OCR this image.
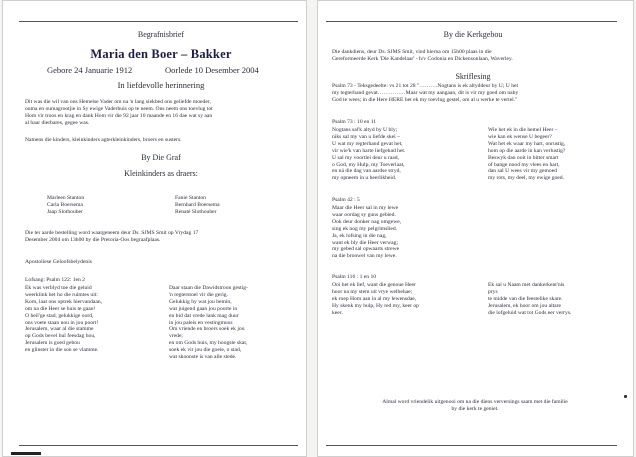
Begrafnisbrief
Maria den Boer – Bakker
Gebore 24 Januarie 1912	Oorlede 10 Desember 2004
In liefdevolle herinnering
Dit was die wil van ons Hemelse Vader om na 'n lang siekbed ons geliefde moeder,
ouma en oumagrootjie in Sy ewige Vaderhuis op te neem. Ons neem ons toevlug tot
Hom vir troos en krag en dank Hom vir die 92 jaar 10 maande en 16 dae wat sy aan
al haar dierbares, gegee was.
Namens die kinders, kleinkinders agterkleinkinders, broers en susters.
By Die Graf
Kleinkinders as draers:
Marleen Stanton
Carla Boersema
Jaap Slothouber
Fanie Stanton
Bernhard Boersema
Renaté Slothouber
Die ter aarde bestelling word waargeneem deur Ds. SJMS Smit op Vrydag 17
Desember 2004 om 13h00 by die Pretoria-Oos begraafplaas.
Apostoliese Geloofsbelydenis
Lofsang: Psalm 122: 1en 2
Ek was verblyd toe die geluid
weerklink het ho die ruimtes uit:
Kom, laat ons optrek hiervandaan,
om na die Heer se huis te gaan!
O heil'ge stad, gelukkige oord,
ons voete staan nou in jou poort!
Jerusalem, waar al die stamme
op Gods bevel hul feesdag hou,
Jerusalem is goed gebou
en glinster in die son se vlamme.
Daar staan die Dawidstroon gestig-
'n regterstoel vir die gerig.
Gelukkig hy wat jou bemin,
wat juigend gaan jou poorte in
en bid dat vrede lank mag duur
in jou paleis en vestingmuur.
Om vriende en broers soek ek jou
vrede;
en om Gods huis, my hoogste skat,
soek ek vir jou die goeie, o stad,
wat skoonste is van alle stede.
By die Kerkgebou
Die dankdiens, deur Ds. SJMS Smit, vind hierna om 15h00 plaas in die
Gereformeerde Kerk 'Die Kandelaar' - h/v Codonia en Dickensonlaan, Waverley.
Skriflesing
Psalm 73 - Teksgedeelte: vs 21 tot 28 "……….Nogtans is ek altyddeur by U; U het
my tegterhand gevat……………Maar wat my aangaan, dit is vir my goed om naby
God te wees; in die Here HERE het ek my toevlug gestel, om al u werke te vertel."
Psalm 73 : 10 en 11
Nogtans sal'k altyd by U bly;
niks sal my van u liefde skei –
U wat my regterhand gevat het,
vir wie'k van harte liefgehad het.
U sal my voortlei deur u raad,
o God, my Hulp, my Toeverlaat,
en ná die dag van aardse stryd,
my opneem in u heerlikheid.
Wie het ek in die hemel Heer –
wie kan ek wense U begeer?
Wat het ek waar my hart, onrustig,
hom op die aarde in kan verlustig?
Beswyk dan ooit in bitter smart
of bange nood my vlees en hart,
dan sal U wees vir my gemoed
my rots, my deel, my ewige goed.
Psalm 42 : 5
Maar die Heer sal in my lewe
waar oordag sy guns gebied.
Ook deur donker nag omgewe,
sing ek nog my pelgrimslied.
Ja, ek lofsing in die nag,
want ek bly die Heer verwag;
my gebed sal opwaarts strewe
na die bronwel van my lewe.
Psalm 116 : 1 en 10
Ooi het ek lief, want die genoue Heer
hoor na my stem uit vrye welbehae;
ek roep Hom aan in al my lewensdae,
Hy skenk my hulp, Hy red my, keer op
keer.
Ek sal u Naam met dankerkent'nis
prys
te midde van die feestelike skare.
Jerusalem, ek hoor om jou altare
die lofgeluid wat tot Gods eer verrys.
Almal word vriendelik uitgenooi om na die diens verversings saam met die familie
by die kerk te geniet.
